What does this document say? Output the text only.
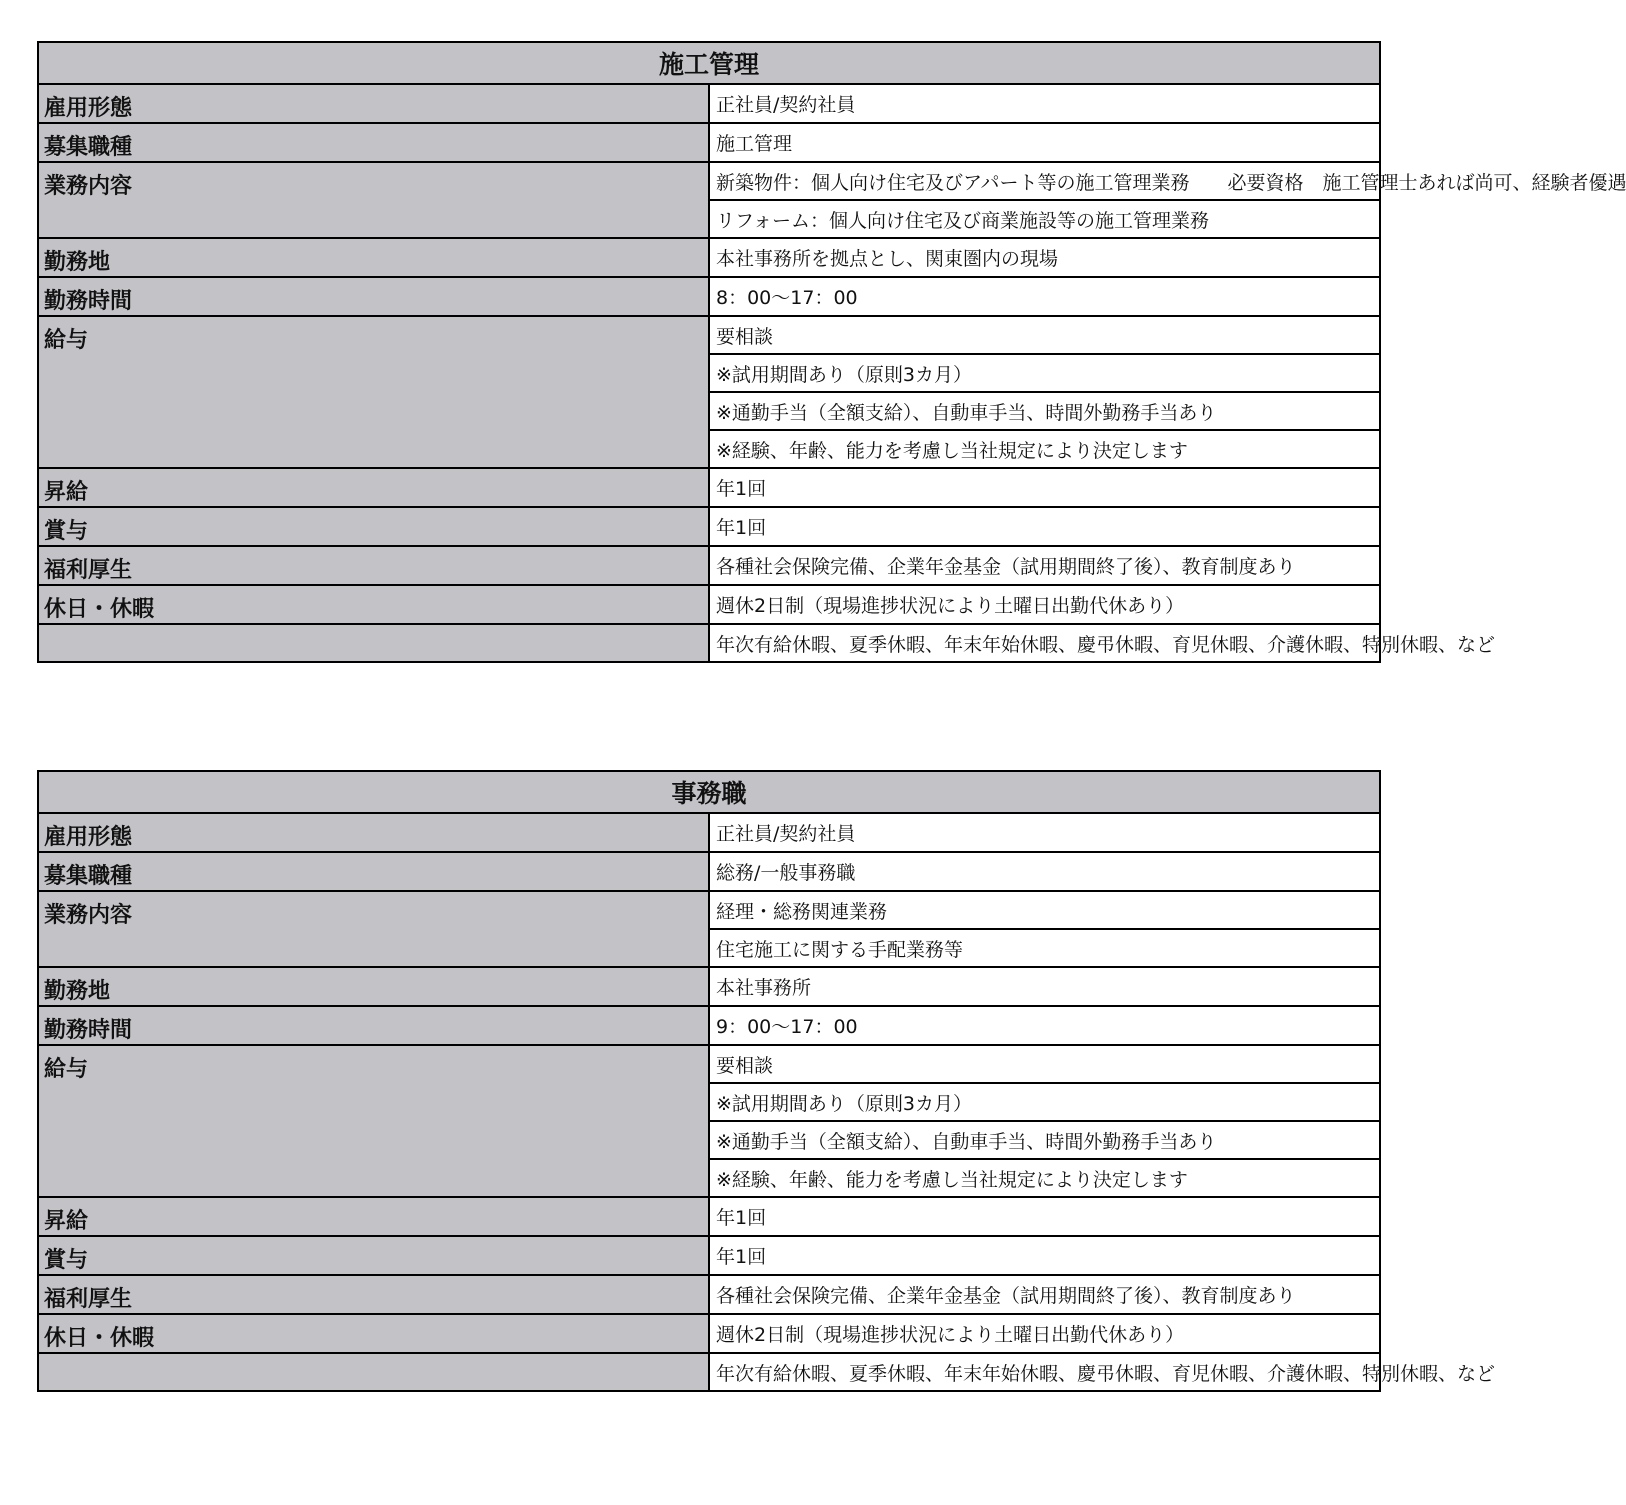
施工管理	
雇用形態	正社員/契約社員
募集職種	施工管理
業務内容	新築物件：個人向け住宅及びアパート等の施工管理業務　　必要資格　施工管理士あれば尚可、経験者優遇
	リフォーム：個人向け住宅及び商業施設等の施工管理業務
勤務地	本社事務所を拠点とし、関東圏内の現場
勤務時間	8：00～17：00
給与	要相談
	※試用期間あり（原則3カ月）
	※通勤手当（全額支給）、自動車手当、時間外勤務手当あり
	※経験、年齢、能力を考慮し当社規定により決定します
昇給	年1回
賞与	年1回
福利厚生	各種社会保険完備、企業年金基金（試用期間終了後）、教育制度あり
休日・休暇	週休2日制（現場進捗状況により土曜日出勤代休あり）
	年次有給休暇、夏季休暇、年末年始休暇、慶弔休暇、育児休暇、介護休暇、特別休暇、など
事務職	
雇用形態	正社員/契約社員
募集職種	総務/一般事務職
業務内容	経理・総務関連業務
	住宅施工に関する手配業務等
勤務地	本社事務所
勤務時間	9：00～17：00
給与	要相談
	※試用期間あり（原則3カ月）
	※通勤手当（全額支給）、自動車手当、時間外勤務手当あり
	※経験、年齢、能力を考慮し当社規定により決定します
昇給	年1回
賞与	年1回
福利厚生	各種社会保険完備、企業年金基金（試用期間終了後）、教育制度あり
休日・休暇	週休2日制（現場進捗状況により土曜日出勤代休あり）
	年次有給休暇、夏季休暇、年末年始休暇、慶弔休暇、育児休暇、介護休暇、特別休暇、など
